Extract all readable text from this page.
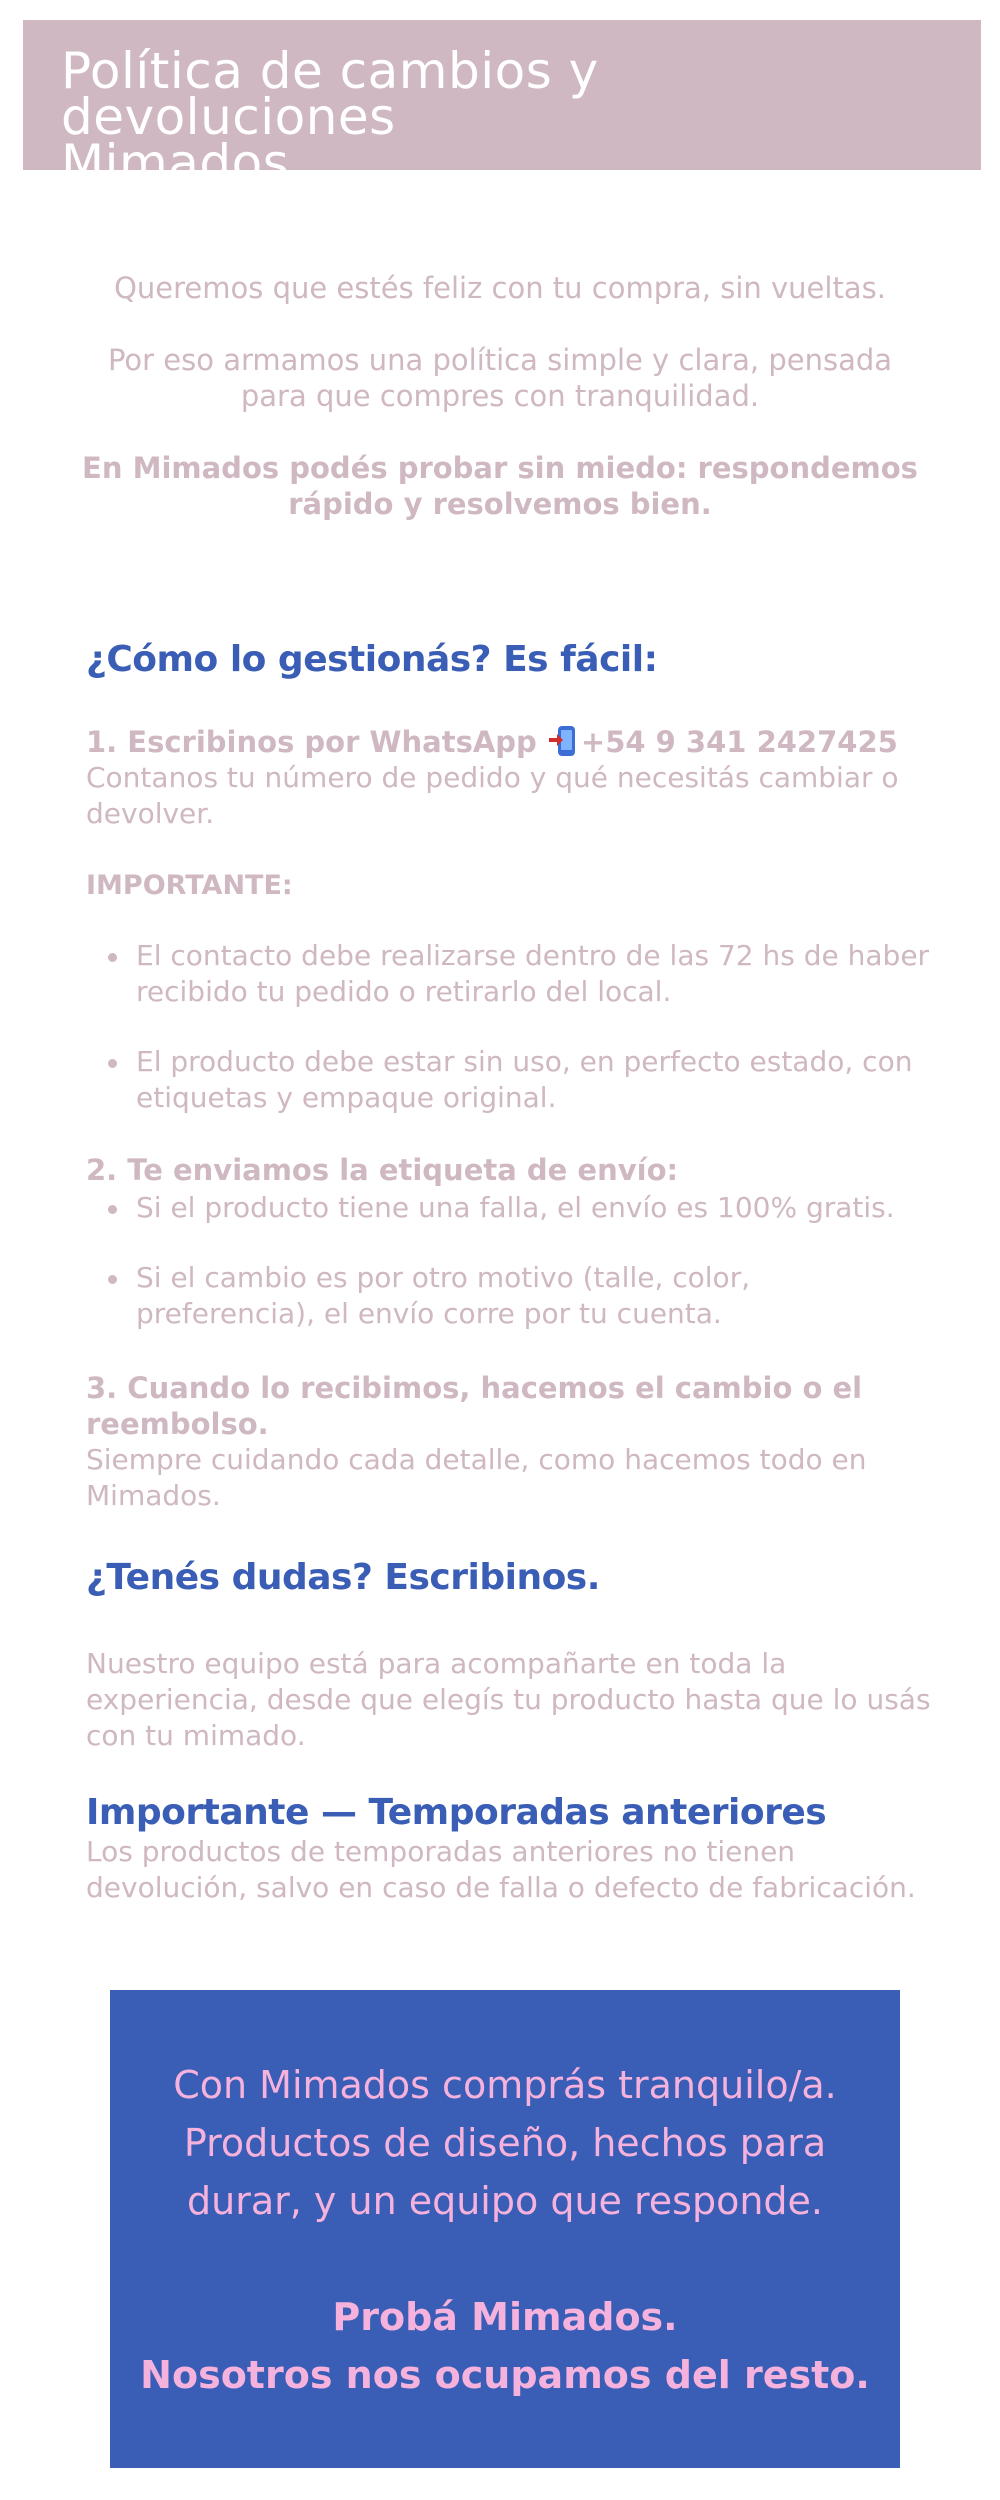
Política de cambios y devoluciones
Mimados

Queremos que estés feliz con tu compra, sin vueltas.

Por eso armamos una política simple y clara, pensada para que compres con tranquilidad.

En Mimados podés probar sin miedo: respondemos rápido y resolvemos bien.

¿Cómo lo gestionás? Es fácil:

1. Escribinos por WhatsApp +54 9 341 2427425

Contanos tu número de pedido y qué necesitás cambiar o devolver.

IMPORTANTE:
El contacto debe realizarse dentro de las 72 hs de haber recibido tu pedido o retirarlo del local.
El producto debe estar sin uso, en perfecto estado, con etiquetas y empaque original.

2. Te enviamos la etiqueta de envío:

Si el producto tiene una falla, el envío es 100% gratis.
Si el cambio es por otro motivo (talle, color, preferencia), el envío corre por tu cuenta.

3. Cuando lo recibimos, hacemos el cambio o el reembolso.

Siempre cuidando cada detalle, como hacemos todo en Mimados.

¿Tenés dudas? Escribinos.

Nuestro equipo está para acompañarte en toda la experiencia, desde que elegís tu producto hasta que lo usás con tu mimado.

Importante — Temporadas anteriores

Los productos de temporadas anteriores no tienen devolución, salvo en caso de falla o defecto de fabricación.

Con Mimados comprás tranquilo/a.

Productos de diseño, hechos para

durar, y un equipo que responde.

Probá Mimados.

Nosotros nos ocupamos del resto.
